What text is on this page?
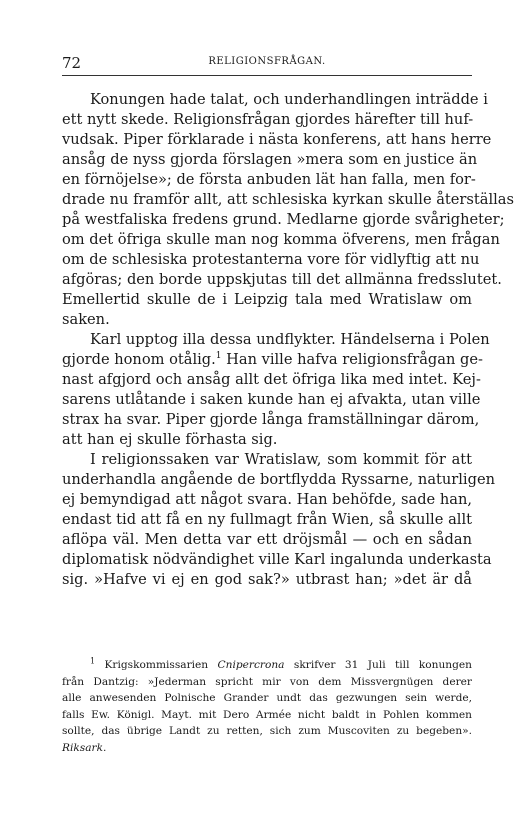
72	RELIGIONSFRÅGAN.
Konungen hade talat, och underhandlingen inträdde i
ett nytt skede. Religionsfrågan gjordes härefter till huf-
vudsak. Piper förklarade i nästa konferens, att hans herre
ansåg de nyss gjorda förslagen »mera som en justice än
en förnöjelse»; de första anbuden lät han falla, men for-
drade nu framför allt, att schlesiska kyrkan skulle återställas
på westfaliska fredens grund. Medlarne gjorde svårigheter;
om det öfriga skulle man nog komma öfverens, men frågan
om de schlesiska protestanterna vore för vidlyftig att nu
afgöras; den borde uppskjutas till det allmänna fredsslutet.
Emellertid skulle de i Leipzig tala med Wratislaw om
saken.
Karl upptog illa dessa undflykter. Händelserna i Polen
gjorde honom otålig.$^1$ Han ville hafva religionsfrågan ge-
nast afgjord och ansåg allt det öfriga lika med intet. Kej-
sarens utlåtande i saken kunde han ej afvakta, utan ville
strax ha svar. Piper gjorde långa framställningar därom,
att han ej skulle förhasta sig.
I religionssaken var Wratislaw, som kommit för att
underhandla angående de bortflydda Ryssarne, naturligen
ej bemyndigad att något svara. Han behöfde, sade han,
endast tid att få en ny fullmagt från Wien, så skulle allt
aflöpa väl. Men detta var ett dröjsmål — och en sådan
diplomatisk nödvändighet ville Karl ingalunda underkasta
sig. »Hafve vi ej en god sak?» utbrast han; »det är då
$^1$ Krigskommissarien Cnipercrona skrifver 31 Juli till konungen
från Dantzig: »Jederman spricht mir von dem Missvergnügen derer
alle anwesenden Polnische Grander undt das gezwungen sein werde,
falls Ew. Königl. Mayt. mit Dero Armée nicht baldt in Pohlen kommen
sollte, das übrige Landt zu retten, sich zum Muscoviten zu begeben».
Riksark.
